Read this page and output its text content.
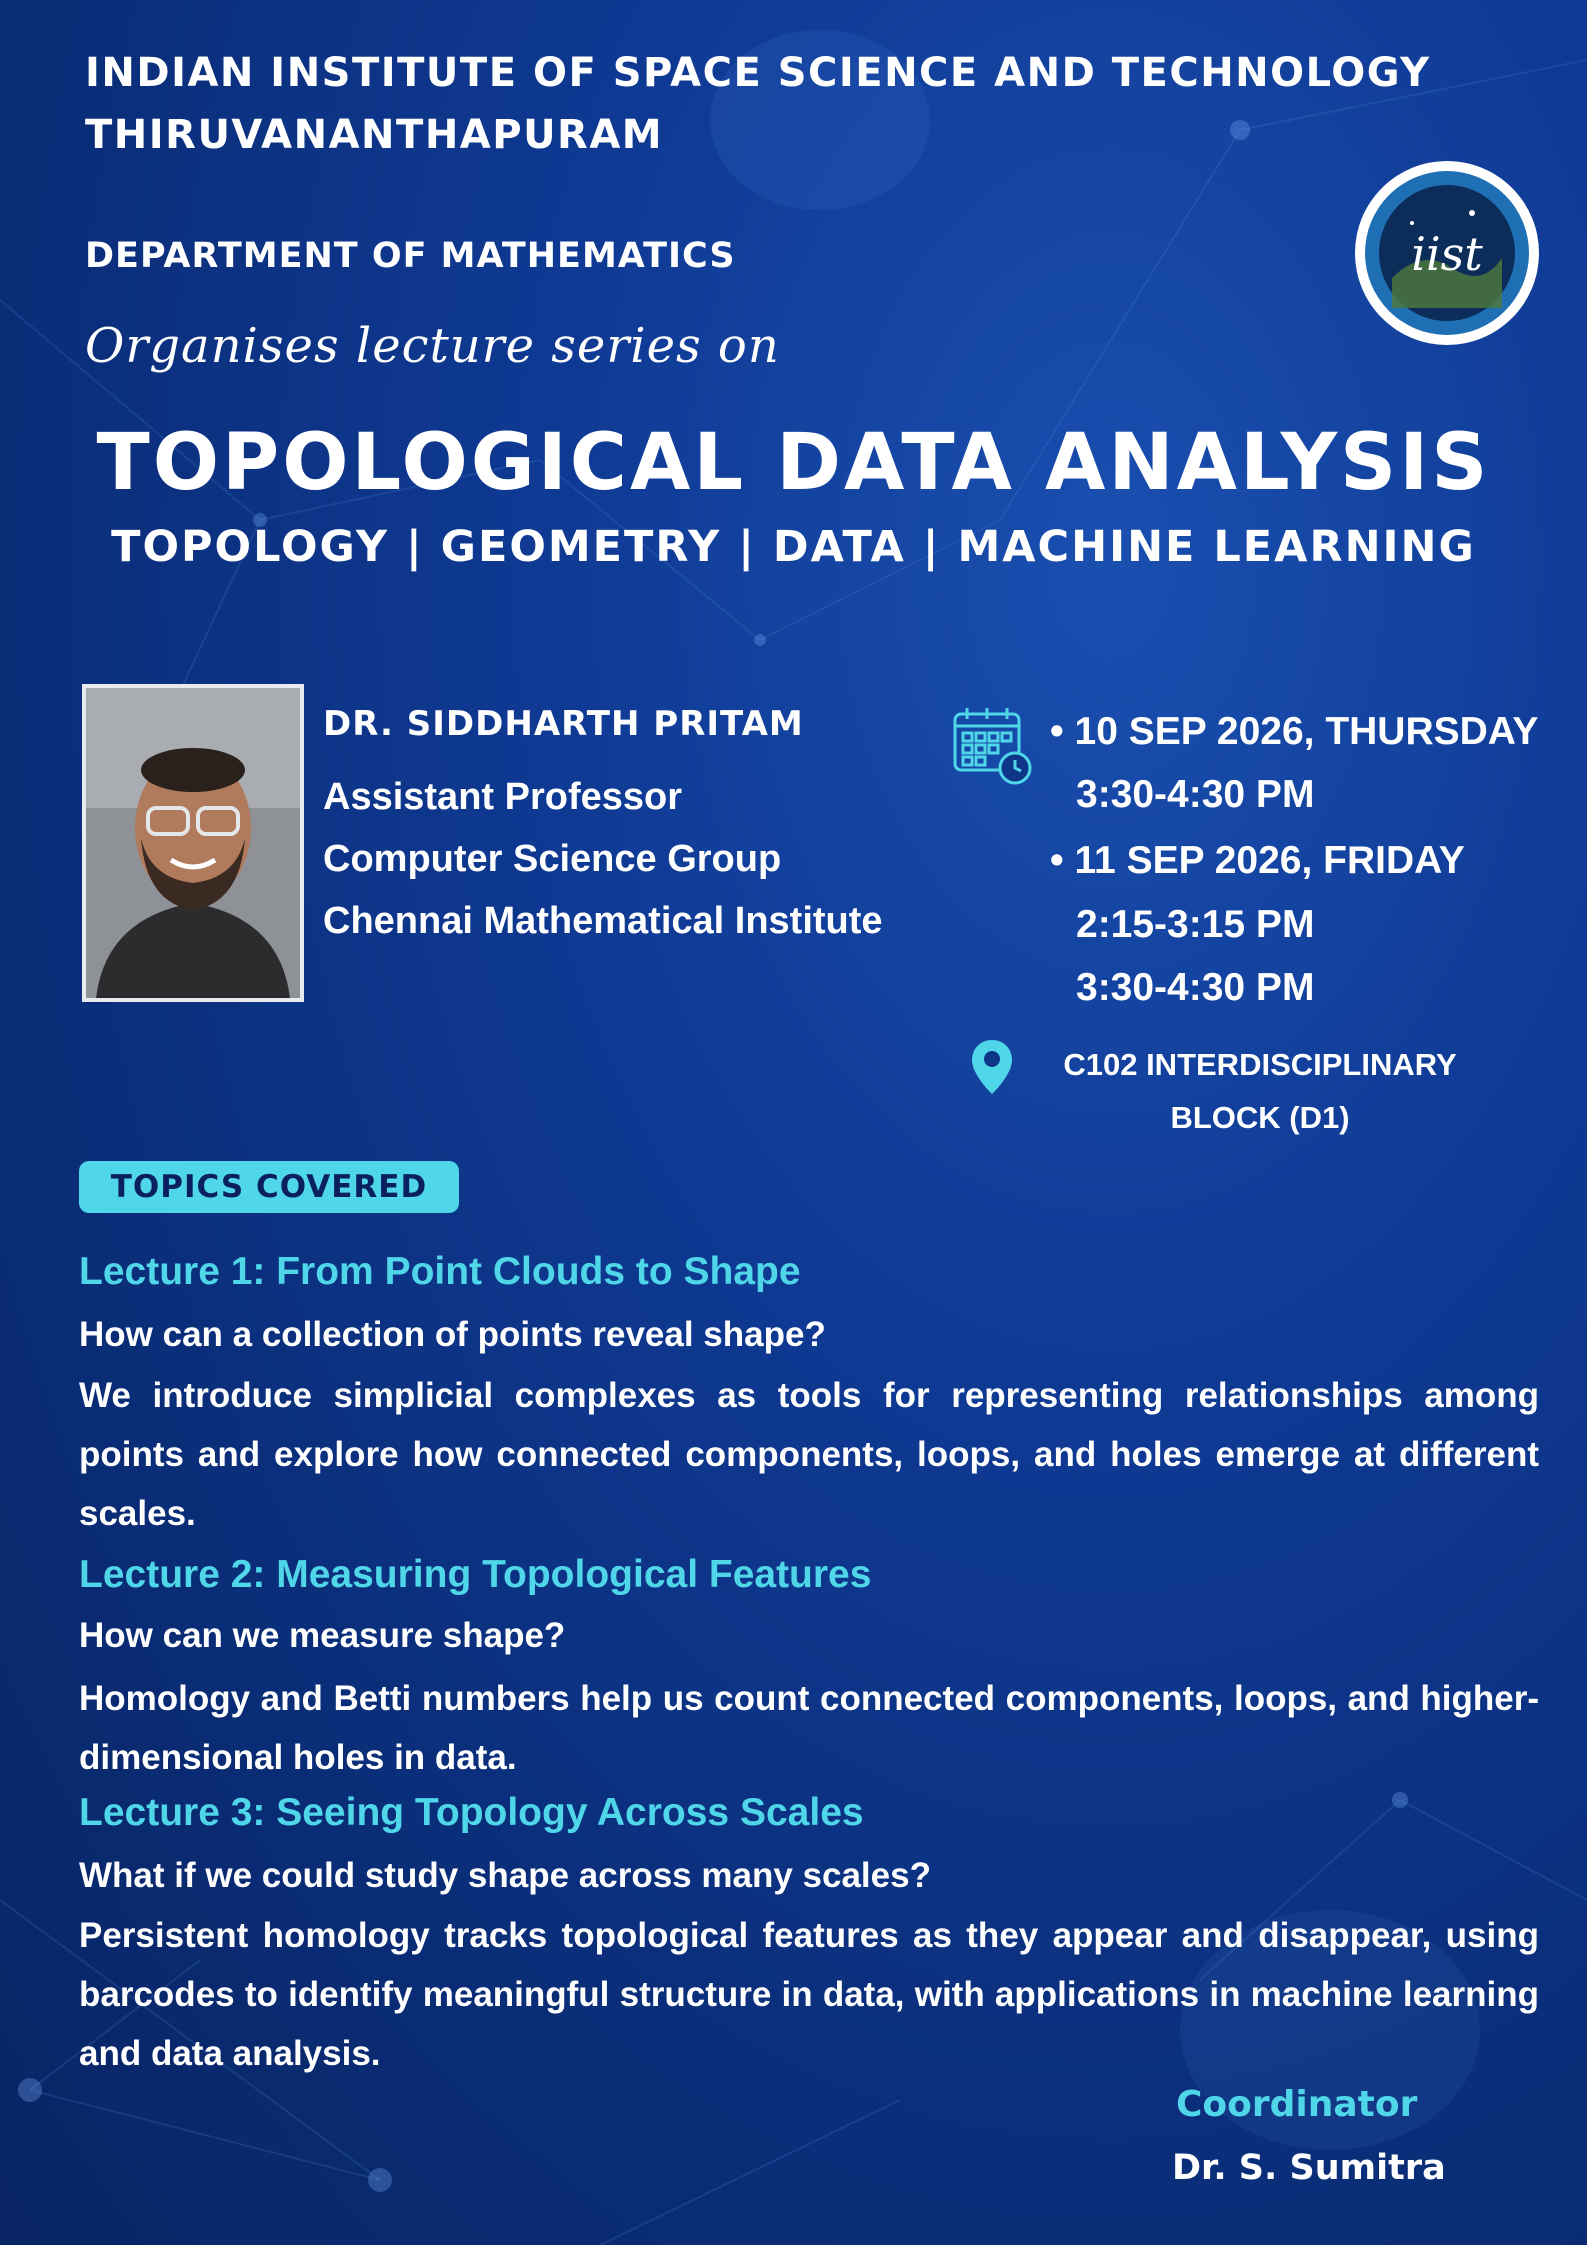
INDIAN INSTITUTE OF SPACE SCIENCE AND TECHNOLOGY
THIRUVANANTHAPURAM
DEPARTMENT OF MATHEMATICS
Organises lecture series on
iist
TOPOLOGICAL DATA ANALYSIS
TOPOLOGY | GEOMETRY | DATA | MACHINE LEARNING
DR. SIDDHARTH PRITAM
Assistant Professor
Computer Science Group
Chennai Mathematical Institute
• 10 SEP 2026, THURSDAY
3:30-4:30 PM
• 11 SEP 2026, FRIDAY
2:15-3:15 PM
3:30-4:30 PM
C102 INTERDISCIPLINARY
BLOCK (D1)
TOPICS COVERED
Lecture 1: From Point Clouds to Shape
How can a collection of points reveal shape?
We introduce simplicial complexes as tools for representing relationships among points and explore how connected components, loops, and holes emerge at different scales.
Lecture 2: Measuring Topological Features
How can we measure shape?
Homology and Betti numbers help us count connected components, loops, and higher-dimensional holes in data.
Lecture 3: Seeing Topology Across Scales
What if we could study shape across many scales?
Persistent homology tracks topological features as they appear and disappear, using barcodes to identify meaningful structure in data, with applications in machine learning and data analysis.
Coordinator
Dr. S. Sumitra
